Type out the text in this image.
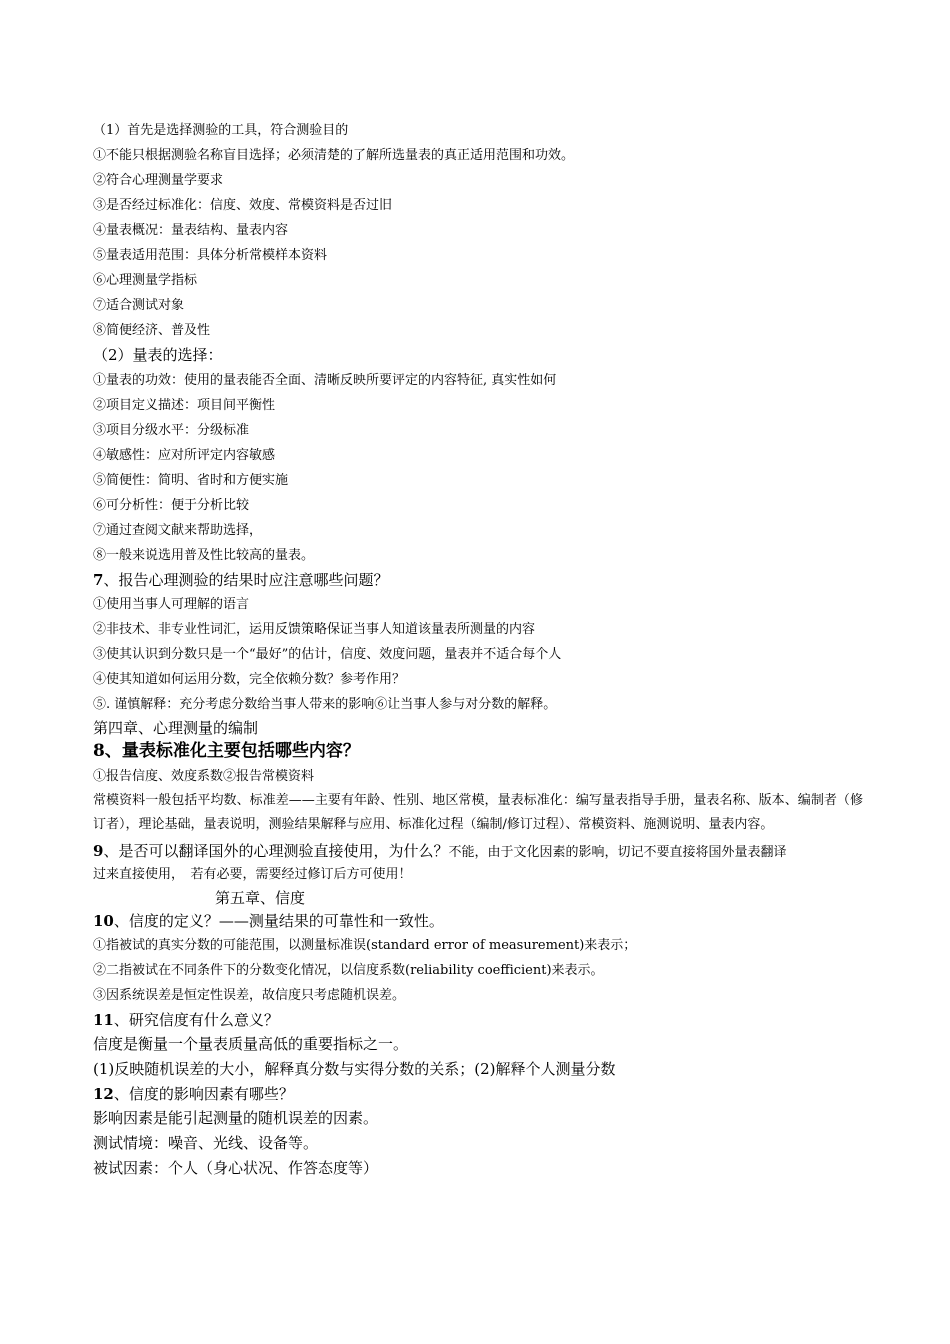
（1）首先是选择测验的工具，符合测验目的
①不能只根据测验名称盲目选择；必须清楚的了解所选量表的真正适用范围和功效。
②符合心理测量学要求
③是否经过标准化：信度、效度、常模资料是否过旧
④量表概况：量表结构、量表内容
⑤量表适用范围：具体分析常模样本资料
⑥心理测量学指标
⑦适合测试对象
⑧简便经济、普及性
（2）量表的选择：
①量表的功效：使用的量表能否全面、清晰反映所要评定的内容特征, 真实性如何
②项目定义描述：项目间平衡性
③项目分级水平：分级标准
④敏感性：应对所评定内容敏感
⑤简便性：简明、省时和方便实施
⑥可分析性：便于分析比较
⑦通过查阅文献来帮助选择，
⑧一般来说选用普及性比较高的量表。
7、报告心理测验的结果时应注意哪些问题？
①使用当事人可理解的语言
②非技术、非专业性词汇，运用反馈策略保证当事人知道该量表所测量的内容
③使其认识到分数只是一个“最好”的估计，信度、效度问题，量表并不适合每个人
④使其知道如何运用分数，完全依赖分数？参考作用？
⑤. 谨慎解释：充分考虑分数给当事人带来的影响⑥让当事人参与对分数的解释。
第四章、心理测量的编制
8、量表标准化主要包括哪些内容？
①报告信度、效度系数②报告常模资料
常模资料一般包括平均数、标准差——主要有年龄、性别、地区常模，量表标准化：编写量表指导手册，量表名称、版本、编制者（修订者），理论基础，量表说明，测验结果解释与应用、标准化过程（编制/修订过程）、常模资料、施测说明、量表内容。
9、是否可以翻译国外的心理测验直接使用，为什么？不能，由于文化因素的影响，切记不要直接将国外量表翻译
过来直接使用，　若有必要，需要经过修订后方可使用！
第五章、信度
10、信度的定义？——测量结果的可靠性和一致性。
①指被试的真实分数的可能范围，以测量标准误(standard error of measurement)来表示；
②二指被试在不同条件下的分数变化情况，以信度系数(reliability coefficient)来表示。
③因系统误差是恒定性误差，故信度只考虑随机误差。
11、研究信度有什么意义？
信度是衡量一个量表质量高低的重要指标之一。
(1)反映随机误差的大小，解释真分数与实得分数的关系；(2)解释个人测量分数
12、信度的影响因素有哪些？
影响因素是能引起测量的随机误差的因素。
测试情境：噪音、光线、设备等。
被试因素：个人（身心状况、作答态度等）
